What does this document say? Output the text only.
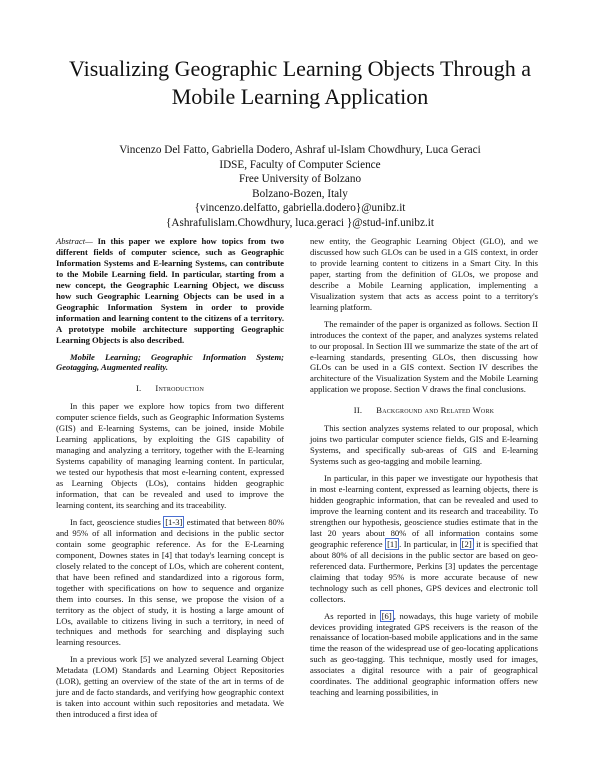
Visualizing Geographic Learning Objects Through a
Mobile Learning Application
Vincenzo Del Fatto, Gabriella Dodero, Ashraf ul-Islam Chowdhury, Luca Geraci
IDSE, Faculty of Computer Science
Free University of Bolzano
Bolzano-Bozen, Italy
{vincenzo.delfatto, gabriella.dodero}@unibz.it
{Ashrafulislam.Chowdhury, luca.geraci }@stud-inf.unibz.it

Abstract— In this paper we explore how topics from two different fields of computer science, such as Geographic Information Systems and E-learning Systems, can contribute to the Mobile Learning field. In particular, starting from a new concept, the Geographic Learning Object, we discuss how such Geographic Learning Objects can be used in a Geographic Information System in order to provide information and learning content to the citizens of a territory. A prototype mobile architecture supporting Geographic Learning Objects is also described.

Mobile Learning; Geographic Information System; Geotagging, Augmented reality.

I. Introduction

In this paper we explore how topics from two different computer science fields, such as Geographic Information Systems (GIS) and E-learning Systems, can be joined, inside Mobile Learning applications, by exploiting the GIS capability of managing and analyzing a territory, together with the E-learning Systems capability of managing learning content. In particular, we tested our hypothesis that most e-learning content, expressed as Learning Objects (LOs), contains hidden geographic information, that can be revealed and used to improve the learning content, its searching and its traceability.

In fact, geoscience studies [1-3] estimated that between 80% and 95% of all information and decisions in the public sector contain some geographic reference. As for the E-Learning component, Downes states in [4] that today's learning concept is closely related to the concept of LOs, which are coherent content, that have been refined and standardized into a rigorous form, together with specifications on how to sequence and organize them into courses. In this sense, we propose the vision of a territory as the object of study, it is hosting a large amount of LOs, available to citizens living in such a territory, in need of techniques and methods for searching and displaying such learning resources.

In a previous work [5] we analyzed several Learning Object Metadata (LOM) Standards and Learning Object Repositories (LOR), getting an overview of the state of the art in terms of de jure and de facto standards, and verifying how geographic context is taken into account within such repositories and metadata. We then introduced a first idea of

new entity, the Geographic Learning Object (GLO), and we discussed how such GLOs can be used in a GIS context, in order to provide learning content to citizens in a Smart City. In this paper, starting from the definition of GLOs, we propose and describe a Mobile Learning application, implementing a Visualization system that acts as access point to a territory's learning platform.

The remainder of the paper is organized as follows. Section II introduces the context of the paper, and analyzes systems related to our proposal. In Section III we summarize the state of the art of e-learning standards, presenting GLOs, then discussing how GLOs can be used in a GIS context. Section IV describes the architecture of the Visualization System and the Mobile Learning application we propose. Section V draws the final conclusions.

II. Background and Related Work

This section analyzes systems related to our proposal, which joins two particular computer science fields, GIS and E-learning Systems, and specifically sub-areas of GIS and E-learning Systems such as geo-tagging and mobile learning.

In particular, in this paper we investigate our hypothesis that in most e-learning content, expressed as learning objects, there is hidden geographic information, that can be revealed and used to improve the learning content and its research and traceability. To strengthen our hypothesis, geoscience studies estimate that in the last 20 years about 80% of all information contains some geographic reference [1] . In particular, in [2] it is specified that about 80% of all decisions in the public sector are based on geo-referenced data. Furthermore, Perkins [3] updates the percentage claiming that today 95% is more accurate because of new technology such as cell phones, GPS devices and electronic toll collectors.

As reported in [6] , nowadays, this huge variety of mobile devices providing integrated GPS receivers is the reason of the renaissance of location-based mobile applications and in the same time the reason of the widespread use of geo-locating applications such as geo-tagging. This technique, mostly used for images, associates a digital resource with a pair of geographical coordinates. The additional geographic information offers new teaching and learning possibilities, in
